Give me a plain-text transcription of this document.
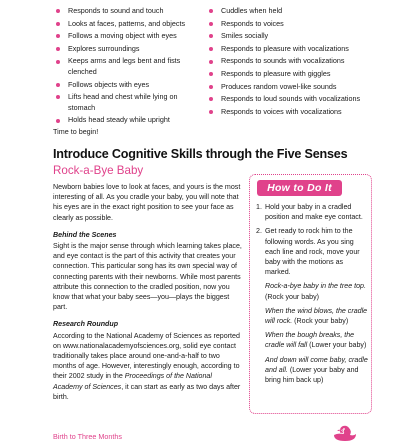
Responds to sound and touch
Looks at faces, patterns, and objects
Follows a moving object with eyes
Explores surroundings
Keeps arms and legs bent and fists clenched
Follows objects with eyes
Lifts head and chest while lying on stomach
Holds head steady while upright
Cuddles when held
Responds to voices
Smiles socially
Responds to pleasure with vocalizations
Responds to sounds with vocalizations
Responds to pleasure with giggles
Produces random vowel-like sounds
Responds to loud sounds with vocalizations
Responds to voices with vocalizations
Time to begin!
Introduce Cognitive Skills through the Five Senses
Rock-a-Bye Baby

Newborn babies love to look at faces, and yours is the most interesting of all. As you cradle your baby, you will note that his eyes are in the exact right position to see your face as clearly as possible.

Behind the Scenes

Sight is the major sense through which learning takes place, and eye contact is the part of this activity that creates your connection. This particular song has its own special way of connecting parents with their newborns. While most parents attribute this connection to the cradled position, now you know that what your baby sees—you—plays the biggest part.

Research Roundup

According to the National Academy of Sciences as reported on www.nationalacademyofsciences.org, solid eye contact traditionally takes place around one-and-a-half to two months of age. However, interestingly enough, according to their 2002 study in the Proceedings of the National Academy of Sciences, it can start as early as two days after birth.

How to Do It
1. Hold your baby in a cradled position and make eye contact.
2. Get ready to rock him to the following words. As you sing each line and rock, move your baby with the motions as marked.
Rock-a-bye baby in the tree top. (Rock your baby)
When the wind blows, the cradle will rock. (Rock your baby)
When the bough breaks, the cradle will fall (Lower your baby)
And down will come baby, cradle and all. (Lower your baby and bring him back up)
Birth to Three Months	3
